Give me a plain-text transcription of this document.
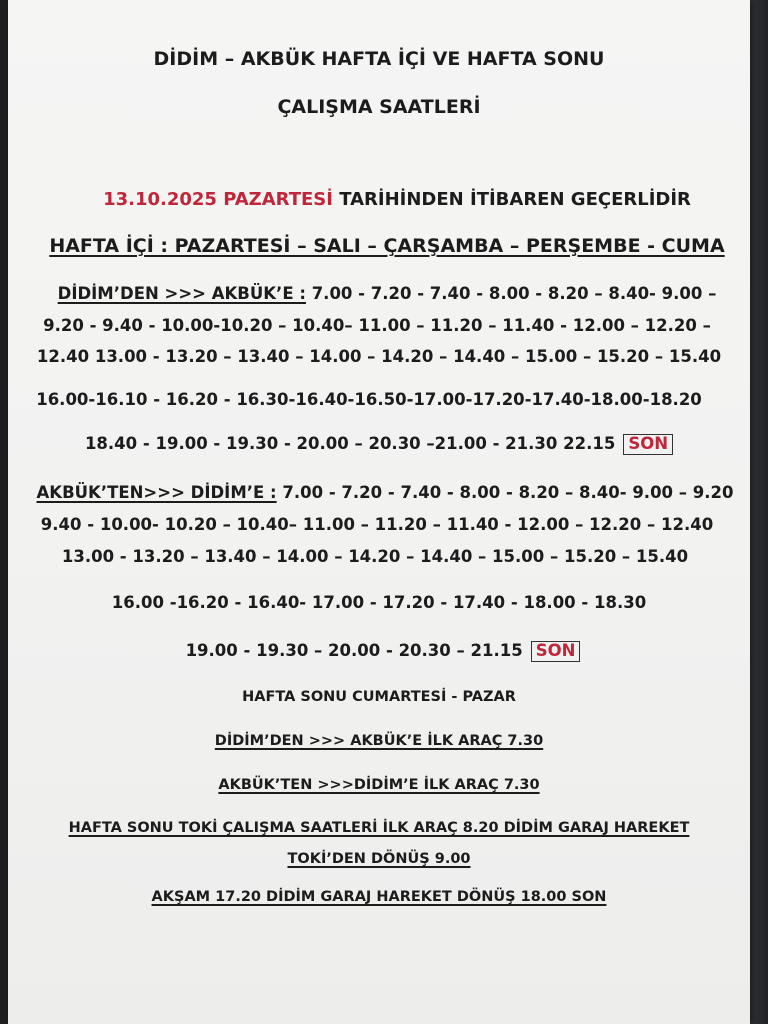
DİDİM – AKBÜK HAFTA İÇİ VE HAFTA SONU
ÇALIŞMA SAATLERİ
13.10.2025 PAZARTESİ TARİHİNDEN İTİBAREN GEÇERLİDİR
HAFTA İÇİ : PAZARTESİ – SALI – ÇARŞAMBA – PERŞEMBE - CUMA
DİDİM’DEN >>> AKBÜK’E : 7.00 - 7.20 - 7.40 - 8.00 - 8.20 – 8.40- 9.00 –
9.20 - 9.40 - 10.00-10.20 – 10.40– 11.00 – 11.20 – 11.40 - 12.00 – 12.20 –
12.40 13.00 - 13.20 – 13.40 – 14.00 – 14.20 – 14.40 – 15.00 – 15.20 – 15.40
16.00-16.10 - 16.20 - 16.30-16.40-16.50-17.00-17.20-17.40-18.00-18.20
18.40 - 19.00 - 19.30 - 20.00 – 20.30 –21.00 - 21.30 22.15 SON
AKBÜK’TEN>>> DİDİM’E : 7.00 - 7.20 - 7.40 - 8.00 - 8.20 – 8.40- 9.00 – 9.20
9.40 - 10.00- 10.20 – 10.40– 11.00 – 11.20 – 11.40 - 12.00 – 12.20 – 12.40
13.00 - 13.20 – 13.40 – 14.00 – 14.20 – 14.40 – 15.00 – 15.20 – 15.40
16.00 -16.20 - 16.40- 17.00 - 17.20 - 17.40 - 18.00 - 18.30
19.00 - 19.30 – 20.00 - 20.30 – 21.15 SON
HAFTA SONU CUMARTESİ - PAZAR
DİDİM’DEN >>> AKBÜK’E İLK ARAÇ 7.30
AKBÜK’TEN >>>DİDİM’E İLK ARAÇ 7.30
HAFTA SONU TOKİ ÇALIŞMA SAATLERİ İLK ARAÇ 8.20 DİDİM GARAJ HAREKET
TOKİ’DEN DÖNÜŞ 9.00
AKŞAM 17.20 DİDİM GARAJ HAREKET DÖNÜŞ 18.00 SON
